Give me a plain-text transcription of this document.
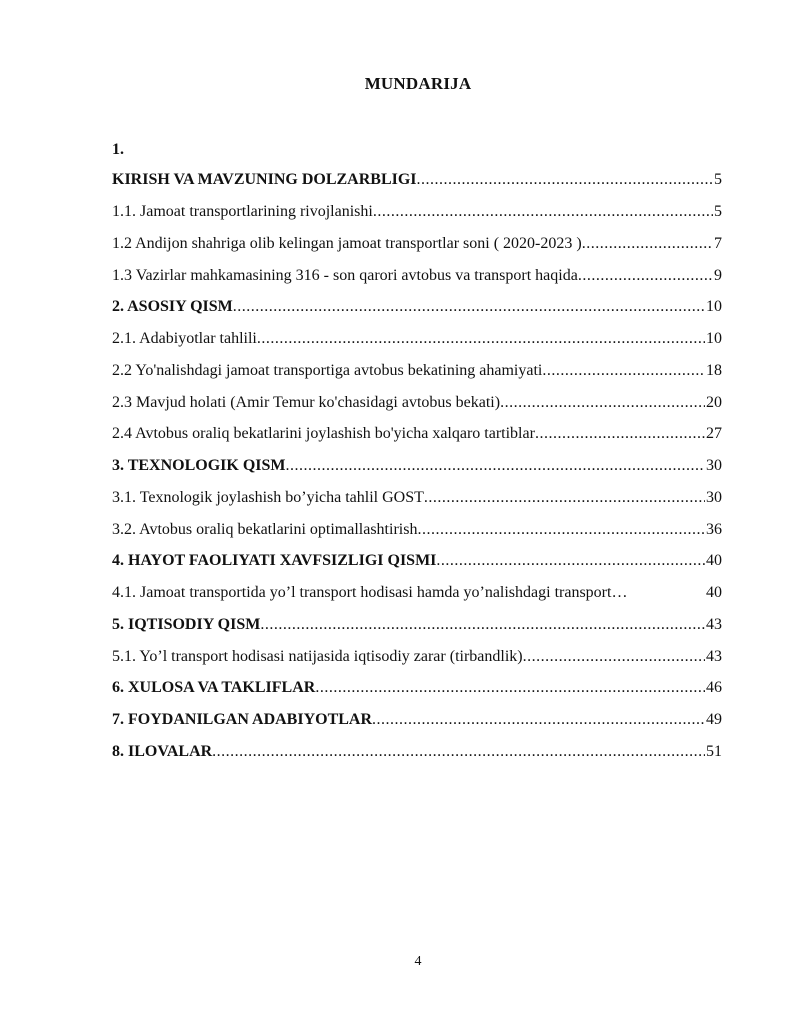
MUNDARIJA
1.
KIRISH VA MAVZUNING DOLZARBLIGI .....	5
1.1. Jamoat transportlarining rivojlanishi .....	5
1.2 Andijon shahriga olib kelingan jamoat transportlar soni ( 2020-2023 ) .....	7
1.3 Vazirlar mahkamasining 316 - son qarori avtobus va transport haqida .....	9
2. ASOSIY QISM .....	10
2.1. Adabiyotlar tahlili .....	10
2.2 Yo'nalishdagi jamoat transportiga avtobus bekatining ahamiyati .....	18
2.3 Mavjud holati (Amir Temur ko'chasidagi avtobus bekati) .....	20
2.4 Avtobus oraliq bekatlarini joylashish bo'yicha xalqaro tartiblar .....	27
3. TEXNOLOGIK QISM .....	30
3.1. Texnologik joylashish bo’yicha tahlil GOST .....	30
3.2. Avtobus oraliq bekatlarini optimallashtirish .....	36
4. HAYOT FAOLIYATI XAVFSIZLIGI QISMI .....	40
4.1. Jamoat transportida yo’l transport hodisasi hamda yo’nalishdagi transport …	40
5. IQTISODIY QISM .....	43
5.1. Yo’l transport hodisasi natijasida iqtisodiy zarar (tirbandlik) .....	43
6. XULOSA VA TAKLIFLAR .....	46
7. FOYDANILGAN ADABIYOTLAR .....	49
8. ILOVALAR .....	51
4
